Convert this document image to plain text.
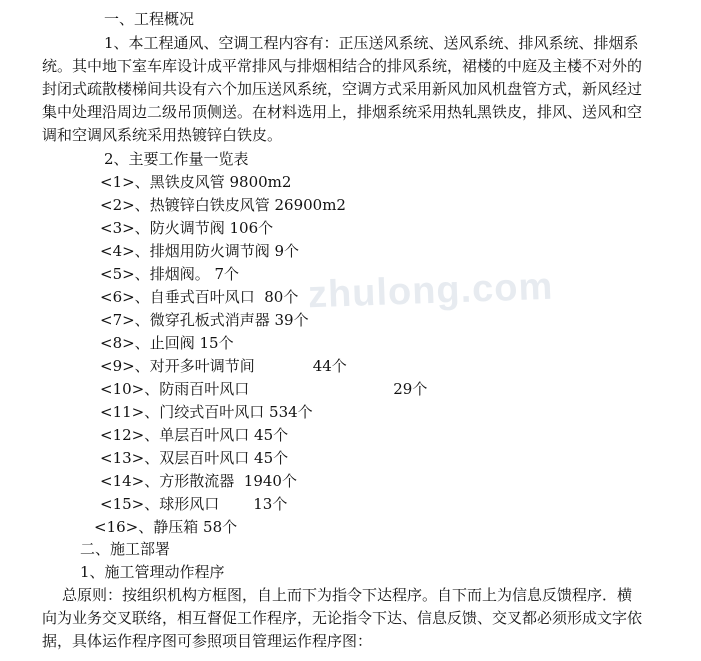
zhulong.com
一、工程概况
1、本工程通风、空调工程内容有：正压送风系统、送风系统、排风系统、排烟系
统。其中地下室车库设计成平常排风与排烟相结合的排风系统，裙楼的中庭及主楼不对外的
封闭式疏散楼梯间共设有六个加压送风系统，空调方式采用新风加风机盘管方式，新风经过
集中处理沿周边二级吊顶侧送。在材料选用上，排烟系统采用热轧黑铁皮，排风、送风和空
调和空调风系统采用热镀锌白铁皮。
2、主要工作量一览表
<1>、黑铁皮风管 9800m2
<2>、热镀锌白铁皮风管 26900m2
<3>、防火调节阀 106个
<4>、排烟用防火调节阀 9个
<5>、排烟阀。 7个
<6>、自垂式百叶风口 80个
<7>、微穿孔板式消声器 39个
<8>、止回阀 15个
<9>、对开多叶调节间	44个
<10>、防雨百叶风口	29个
<11>、门绞式百叶风口 534个
<12>、单层百叶风口 45个
<13>、双层百叶风口 45个
<14>、方形散流器 1940个
<15>、球形风口 13个
<16>、静压箱 58个
二、施工部署
1、施工管理动作程序
总原则：按组织机构方框图，自上而下为指令下达程序。自下而上为信息反馈程序．横
向为业务交叉联络，相互督促工作程序，无论指令下达、信息反馈、交叉都必须形成文字依
据，具体运作程序图可参照项目管理运作程序图：
